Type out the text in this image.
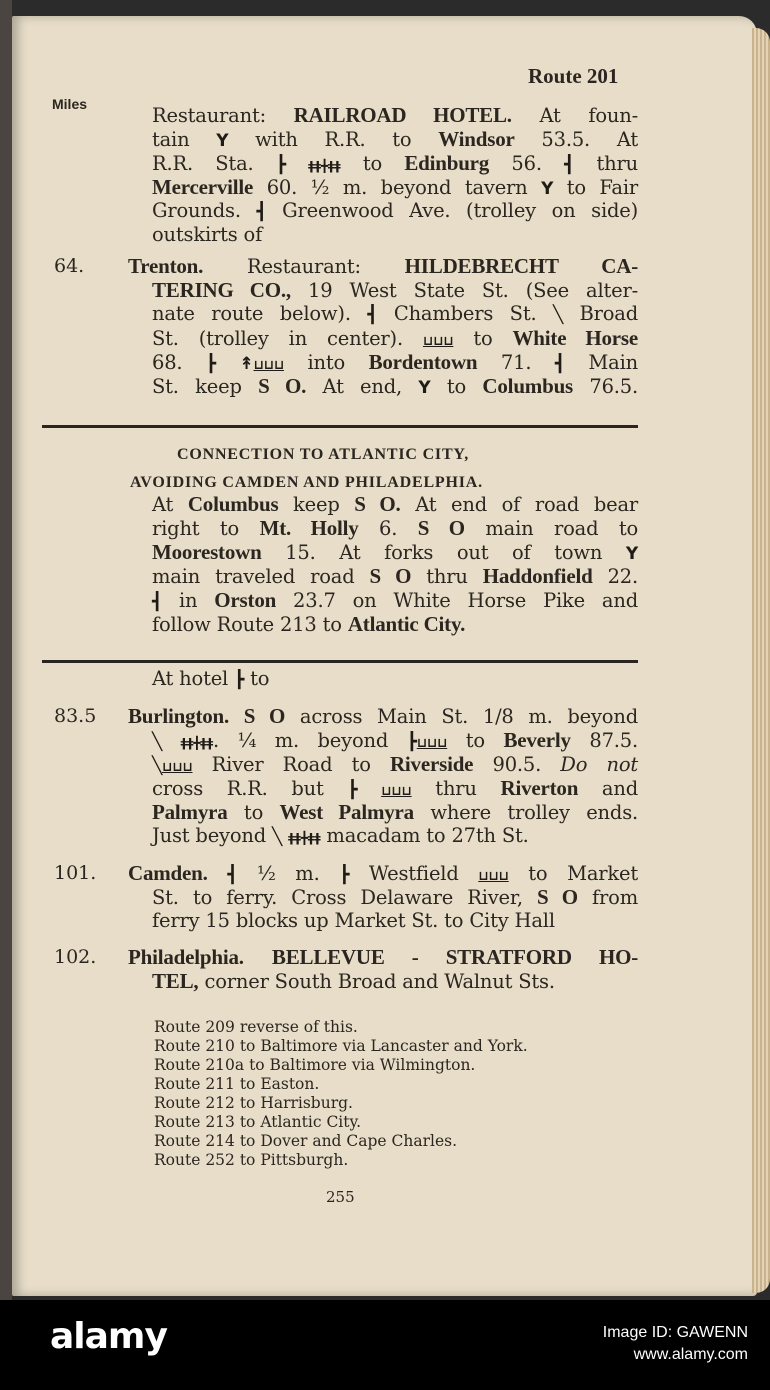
Route 201
Miles	Restaurant: RAILROAD HOTEL. At foun-
tain Y with R.R. to Windsor 53.5. At
R.R. Sta. ┣ ǂǂ╋ǂǂ to Edinburg 56. ┫ thru
Mercerville 60. ½ m. beyond tavern Y to Fair
Grounds. ┫ Greenwood Ave. (trolley on side)
outskirts of
64. Trenton. Restaurant: HILDEBRECHT CA-
TERING CO., 19 West State St. (See alter-
nate route below). ┫ Chambers St. ╲ Broad
St. (trolley in center). ⊔⊔⊔ to White Horse
68. ┣ ↟⊔⊔⊔ into Bordentown 71. ┫ Main
St. keep S O. At end, Y to Columbus 76.5.
At Columbus keep S O. At end of road bear
right to Mt. Holly 6. S O main road to
Moorestown 15. At forks out of town Y
main traveled road S O thru Haddonfield 22.
┫ in Orston 23.7 on White Horse Pike and
follow Route 213 to Atlantic City.
At hotel ┣ to
83.5 Burlington. S O across Main St. 1/8 m. beyond
╲ ǂǂ╋ǂǂ. ¼ m. beyond ┣⊔⊔⊔ to Beverly 87.5.
╲⊔⊔⊔ River Road to Riverside 90.5. Do not
cross R.R. but ┣ ⊔⊔⊔ thru Riverton and
Palmyra to West Palmyra where trolley ends.
Just beyond ╲ ǂǂ╋ǂǂ macadam to 27th St.
101. Camden. ┫ ½ m. ┣ Westfield ⊔⊔⊔ to Market
St. to ferry. Cross Delaware River, S O from
ferry 15 blocks up Market St. to City Hall
102. Philadelphia. BELLEVUE - STRATFORD HO-
TEL, corner South Broad and Walnut Sts.
CONNECTION TO ATLANTIC CITY,
AVOIDING CAMDEN AND PHILADELPHIA.
Route 209 reverse of this.
Route 210 to Baltimore via Lancaster and York.
Route 210a to Baltimore via Wilmington.
Route 211 to Easton.
Route 212 to Harrisburg.
Route 213 to Atlantic City.
Route 214 to Dover and Cape Charles.
Route 252 to Pittsburgh.
255
alamy	Image ID: GAWENN
www.alamy.com
